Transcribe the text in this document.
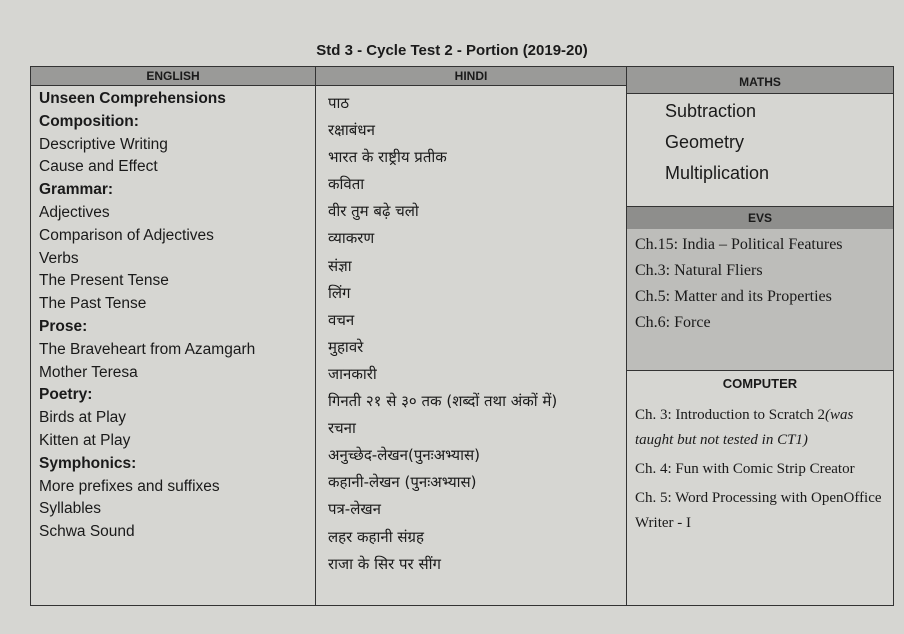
Std 3 - Cycle Test 2 - Portion (2019-20)
ENGLISH
Unseen Comprehensions
Composition:
Descriptive Writing
Cause and Effect
Grammar:
Adjectives
Comparison of Adjectives
Verbs
The Present Tense
The Past Tense
Prose:
The Braveheart from Azamgarh
Mother Teresa
Poetry:
Birds at Play
Kitten at Play
Symphonics:
More prefixes and suffixes
Syllables
Schwa Sound
HINDI
पाठ
रक्षाबंधन
भारत के राष्ट्रीय प्रतीक
कविता
वीर तुम बढ़े चलो
व्याकरण
संज्ञा
लिंग
वचन
मुहावरे
जानकारी
गिनती २१ से ३० तक (शब्दों तथा अंकों में)
रचना
अनुच्छेद-लेखन(पुनःअभ्यास)
कहानी-लेखन (पुनःअभ्यास)
पत्र-लेखन
लहर कहानी संग्रह
राजा के सिर पर सींग
MATHS
Subtraction
Geometry
Multiplication
EVS
Ch.15: India – Political Features
Ch.3: Natural Fliers
Ch.5: Matter and its Properties
Ch.6: Force
COMPUTER
Ch. 3: Introduction to Scratch 2(was taught but not tested in CT1)
Ch. 4: Fun with Comic Strip Creator
Ch. 5: Word Processing with OpenOffice Writer - I
